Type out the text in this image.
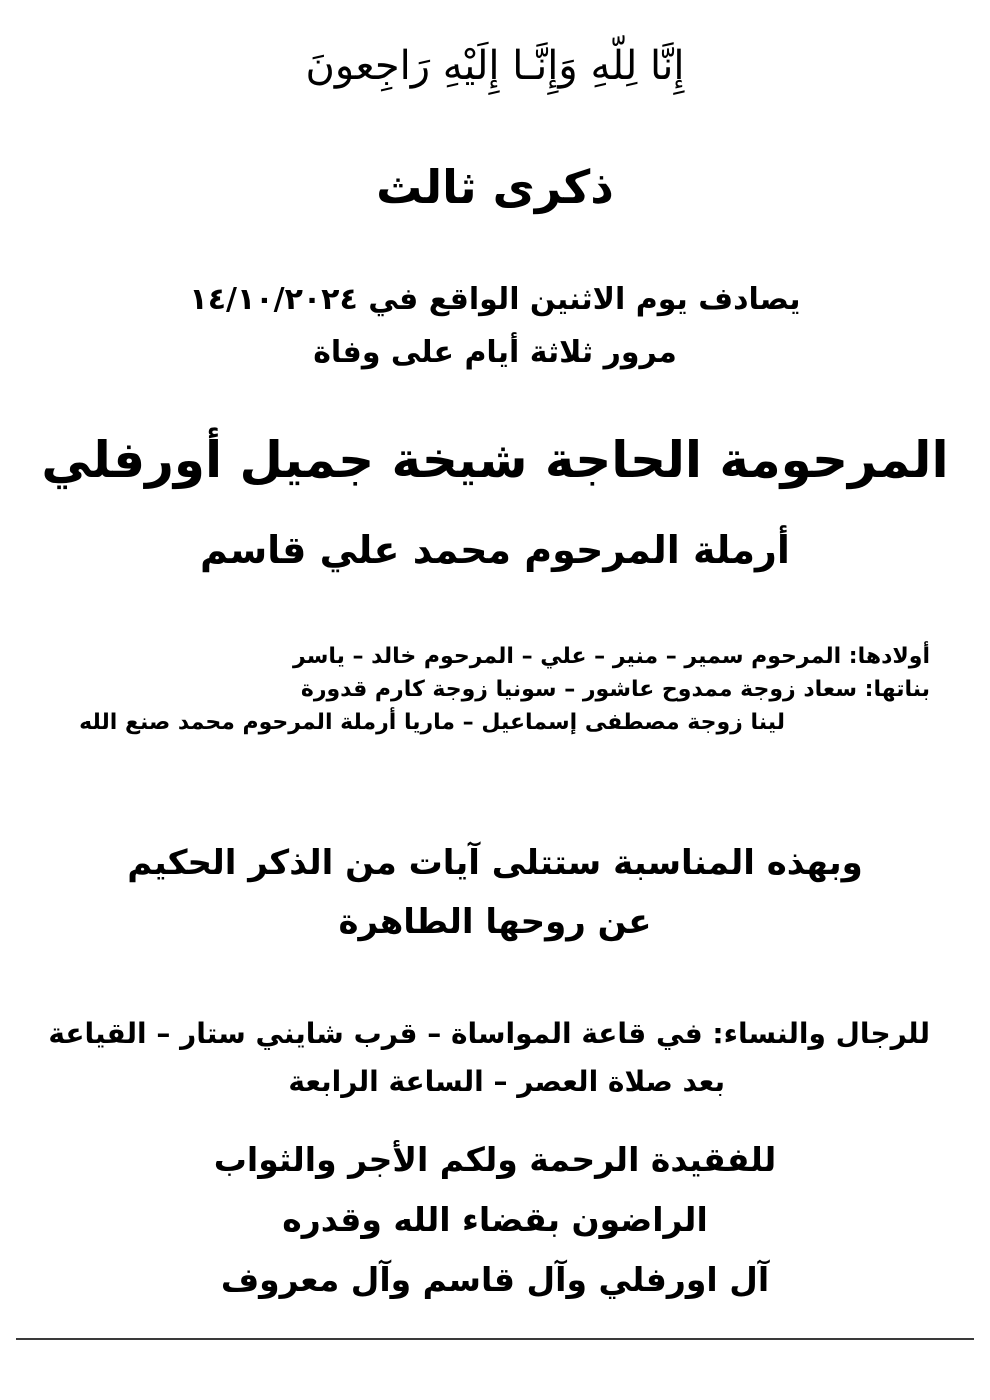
إِنَّا لِلّهِ وَإِنَّـا إِلَيْهِ رَاجِعونَ
ذكرى ثالث
يصادف يوم الاثنين الواقع في ١٤/١٠/٢٠٢٤
مرور ثلاثة أيام على وفاة
المرحومة الحاجة شيخة جميل أورفلي
أرملة المرحوم محمد علي قاسم
أولادها: المرحوم سمير – منير – علي – المرحوم خالد – ياسر
بناتها: سعاد زوجة ممدوح عاشور – سونيا زوجة كارم قدورة
لينا زوجة مصطفى إسماعيل – ماريا أرملة المرحوم محمد صنع الله
وبهذه المناسبة ستتلى آيات من الذكر الحكيم
عن روحها الطاهرة
للرجال والنساء: في قاعة المواساة – قرب شايني ستار – القياعة
بعد صلاة العصر – الساعة الرابعة
للفقيدة الرحمة ولكم الأجر والثواب
الراضون بقضاء الله وقدره
آل اورفلي وآل قاسم وآل معروف
